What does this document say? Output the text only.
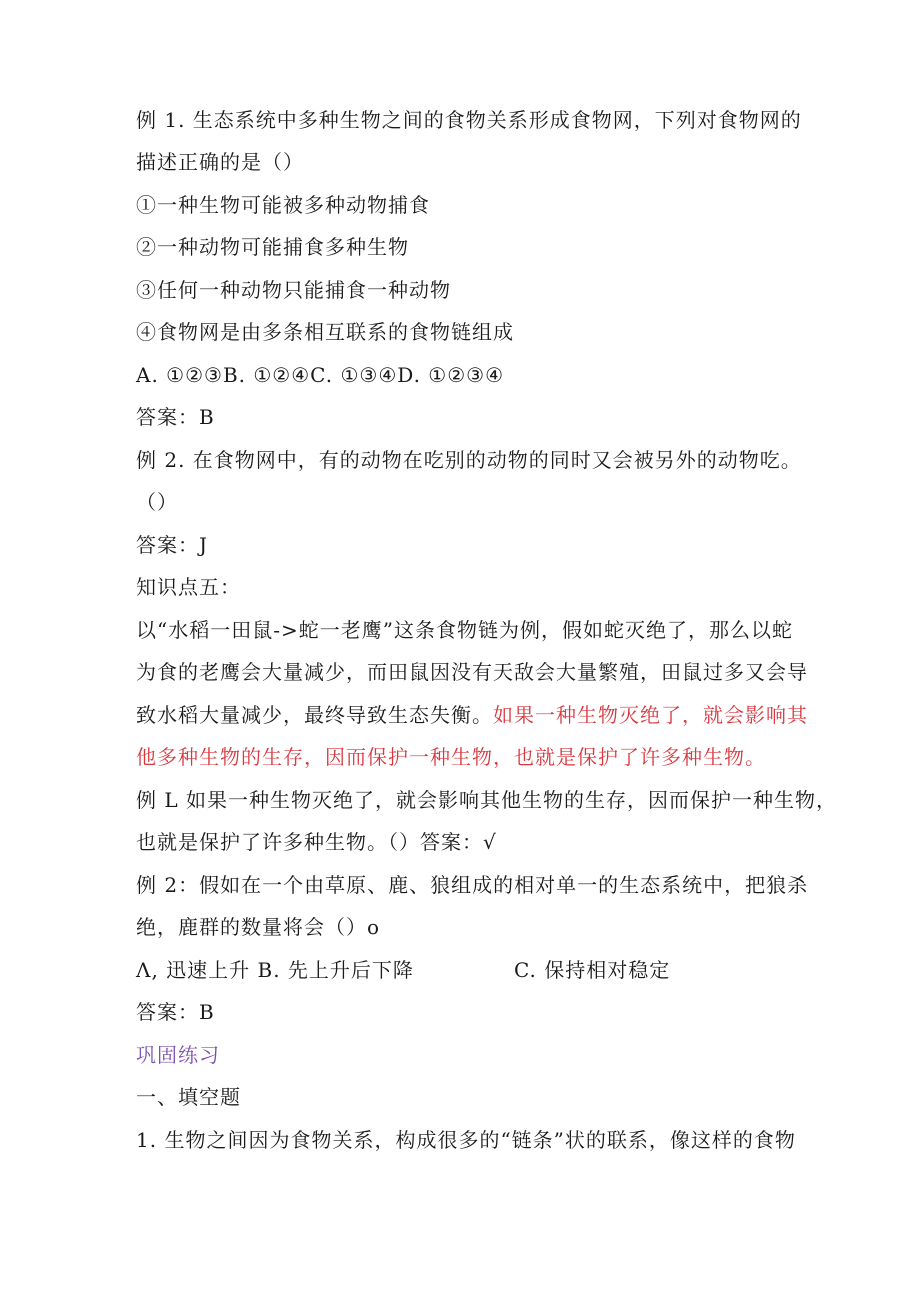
例 1. 生态系统中多种生物之间的食物关系形成食物网，下列对食物网的
描述正确的是（）
①一种生物可能被多种动物捕食
②一种动物可能捕食多种生物
③任何一种动物只能捕食一种动物
④食物网是由多条相互联系的食物链组成
A. ①②③B. ①②④C. ①③④D. ①②③④
答案：B
例 2. 在食物网中，有的动物在吃别的动物的同时又会被另外的动物吃。
（）
答案：J
知识点五：
以“水稻一田鼠->蛇一老鹰”这条食物链为例，假如蛇灭绝了，那么以蛇
为食的老鹰会大量减少，而田鼠因没有天敌会大量繁殖，田鼠过多又会导
致水稻大量减少，最终导致生态失衡。如果一种生物灭绝了，就会影响其
他多种生物的生存，因而保护一种生物，也就是保护了许多种生物。
例 L 如果一种生物灭绝了，就会影响其他生物的生存，因而保护一种生物，
也就是保护了许多种生物。（）答案：√
例 2：假如在一个由草原、鹿、狼组成的相对单一的生态系统中，把狼杀
绝，鹿群的数量将会（）o
Λ, 迅速上升 B. 先上升后下降	C. 保持相对稳定
答案：B
巩固练习
一、填空题
1. 生物之间因为食物关系，构成很多的“链条”状的联系，像这样的食物
